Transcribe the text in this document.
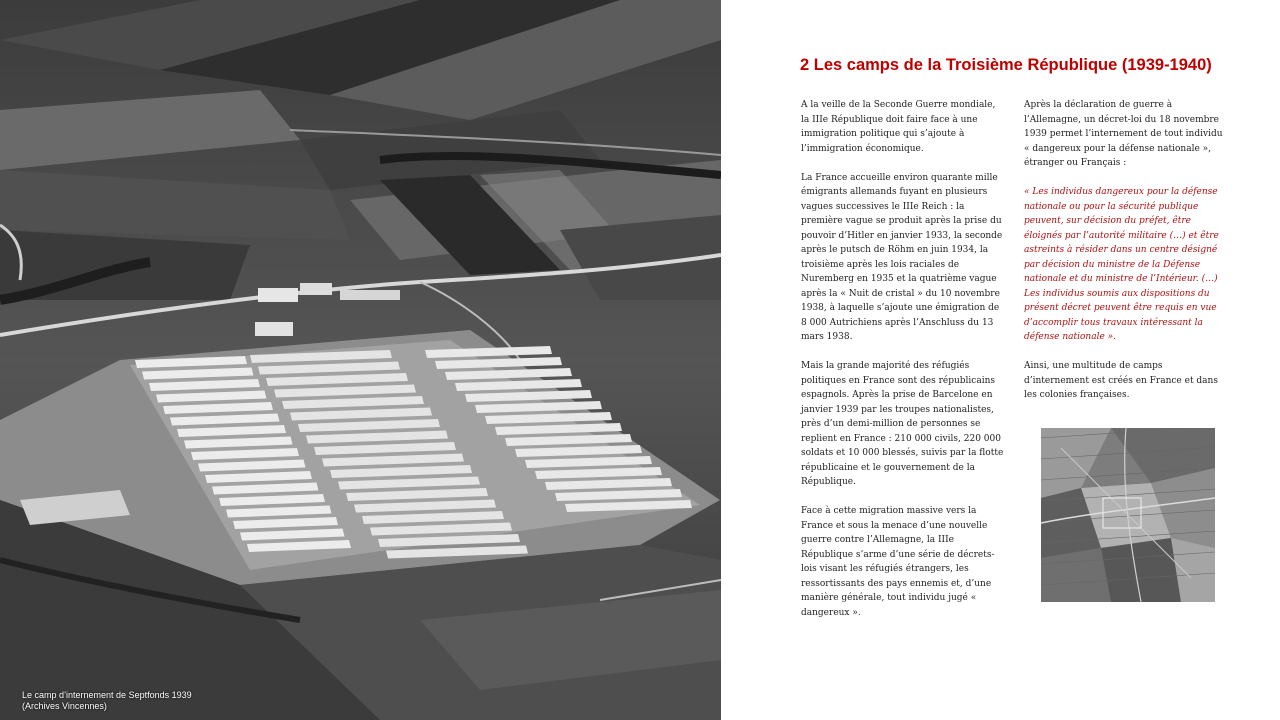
Le camp d’internement de Septfonds 1939
(Archives Vincennes)
2 Les camps de la Troisième République (1939-1940)

A la veille de la Seconde Guerre mondiale, la IIIe République doit faire face à une immigration politique qui s’ajoute à l’immigration économique.

La France accueille environ quarante mille émigrants allemands fuyant en plusieurs vagues successives le IIIe Reich : la première vague se produit après la prise du pouvoir d’Hitler en janvier 1933, la seconde après le putsch de Röhm en juin 1934, la troisième après les lois raciales de Nuremberg en 1935 et la quatrième vague après la « Nuit de cristal » du 10 novembre 1938, à laquelle s’ajoute une émigration de 8 000 Autrichiens après l’Anschluss du 13 mars 1938.

Mais la grande majorité des réfugiés politiques en France sont des républicains espagnols. Après la prise de Barcelone en janvier 1939 par les troupes nationalistes, près d’un demi-million de personnes se replient en France : 210 000 civils, 220 000 soldats et 10 000 blessés, suivis par la flotte républicaine et le gouvernement de la République.

Face à cette migration massive vers la France et sous la menace d’une nouvelle guerre contre l’Allemagne, la IIIe République s’arme d’une série de décrets-lois visant les réfugiés étrangers, les ressortissants des pays ennemis et, d’une manière générale, tout individu jugé « dangereux ».

Après la déclaration de guerre à l’Allemagne, un décret-loi du 18 novembre 1939 permet l’internement de tout individu « dangereux pour la défense nationale », étranger ou Français :

« Les individus dangereux pour la défense nationale ou pour la sécurité publique peuvent, sur décision du préfet, être éloignés par l’autorité militaire (…) et être astreints à résider dans un centre désigné par décision du ministre de la Défense nationale et du ministre de l’Intérieur. (…) Les individus soumis aux dispositions du présent décret peuvent être requis en vue d’accomplir tous travaux intéressant la défense nationale ».

Ainsi, une multitude de camps d’internement est créés en France et dans les colonies françaises.
